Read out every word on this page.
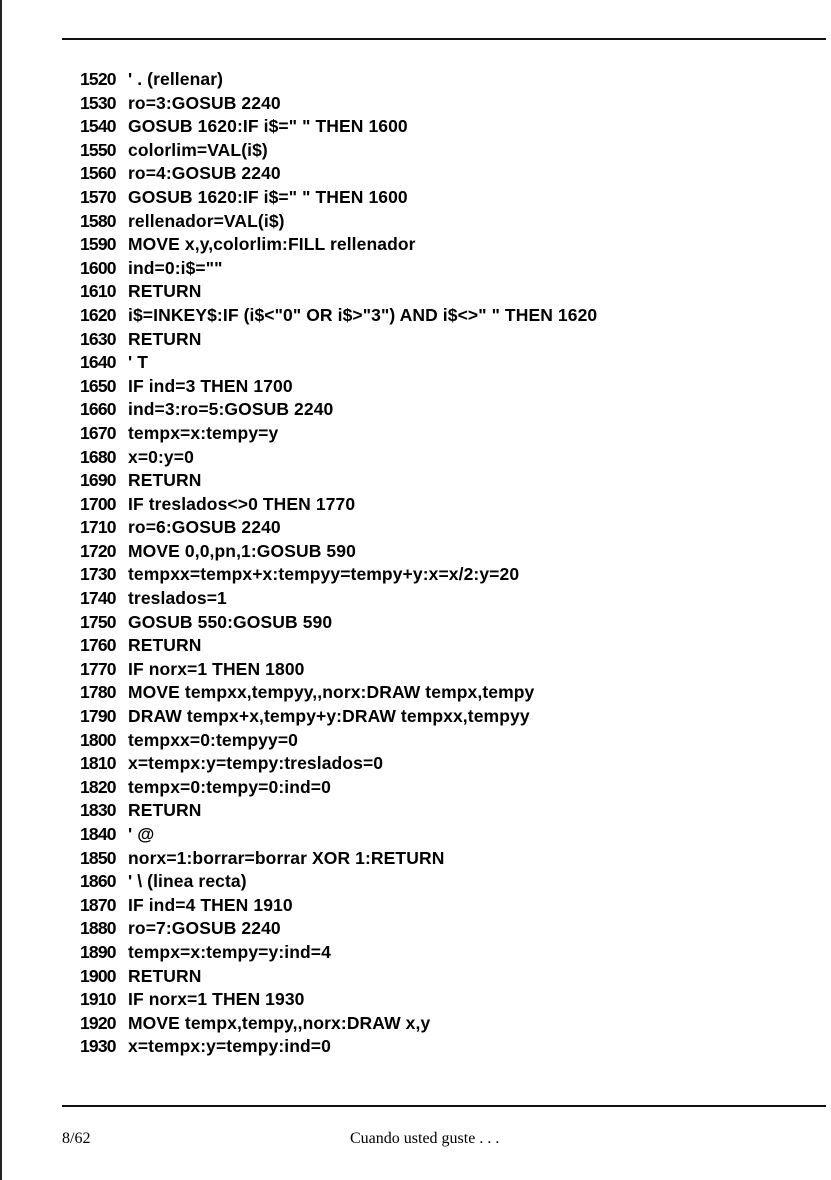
1520 ' . (rellenar)
1530 ro=3:GOSUB 2240
1540 GOSUB 1620:IF i$=" " THEN 1600
1550 colorlim=VAL(i$)
1560 ro=4:GOSUB 2240
1570 GOSUB 1620:IF i$=" " THEN 1600
1580 rellenador=VAL(i$)
1590 MOVE x,y,colorlim:FILL rellenador
1600 ind=0:i$=""
1610 RETURN
1620 i$=INKEY$:IF (i$<"0" OR i$>"3") AND i$<>" " THEN 1620
1630 RETURN
1640 ' T
1650 IF ind=3 THEN 1700
1660 ind=3:ro=5:GOSUB 2240
1670 tempx=x:tempy=y
1680 x=0:y=0
1690 RETURN
1700 IF treslados<>0 THEN 1770
1710 ro=6:GOSUB 2240
1720 MOVE 0,0,pn,1:GOSUB 590
1730 tempxx=tempx+x:tempyy=tempy+y:x=x/2:y=20
1740 treslados=1
1750 GOSUB 550:GOSUB 590
1760 RETURN
1770 IF norx=1 THEN 1800
1780 MOVE tempxx,tempyy,,norx:DRAW tempx,tempy
1790 DRAW tempx+x,tempy+y:DRAW tempxx,tempyy
1800 tempxx=0:tempyy=0
1810 x=tempx:y=tempy:treslados=0
1820 tempx=0:tempy=0:ind=0
1830 RETURN
1840 ' @
1850 norx=1:borrar=borrar XOR 1:RETURN
1860 ' \ (linea recta)
1870 IF ind=4 THEN 1910
1880 ro=7:GOSUB 2240
1890 tempx=x:tempy=y:ind=4
1900 RETURN
1910 IF norx=1 THEN 1930
1920 MOVE tempx,tempy,,norx:DRAW x,y
1930 x=tempx:y=tempy:ind=0
8/62	Cuando usted guste . . .
